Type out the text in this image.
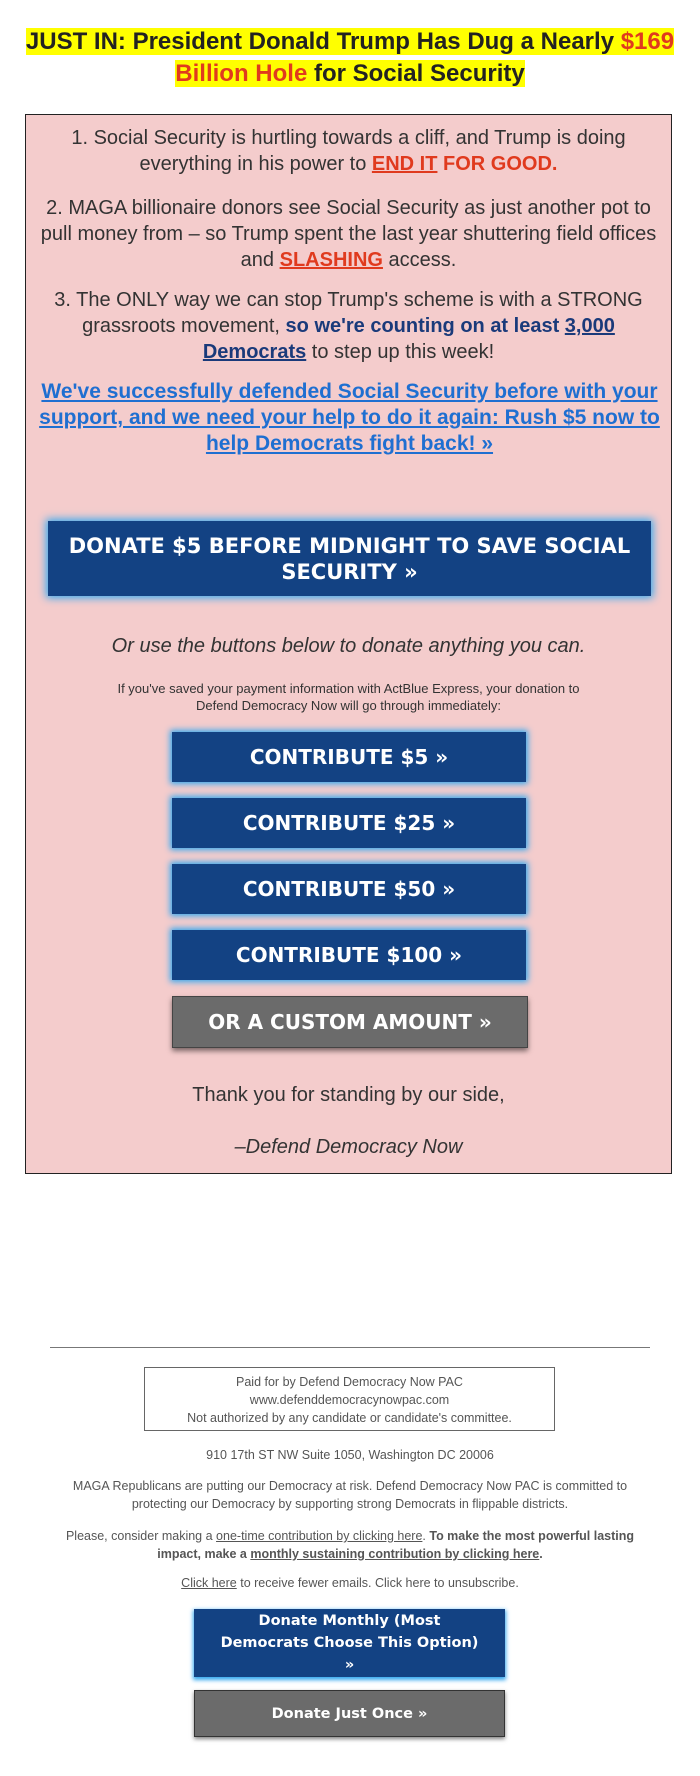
JUST IN: President Donald Trump Has Dug a Nearly $169 Billion Hole for Social Security
1. Social Security is hurtling towards a cliff, and Trump is doing everything in his power to END IT FOR GOOD.
2. MAGA billionaire donors see Social Security as just another pot to pull money from – so Trump spent the last year shuttering field offices and SLASHING access.
3. The ONLY way we can stop Trump's scheme is with a STRONG grassroots movement, so we're counting on at least 3,000 Democrats to step up this week!
We've successfully defended Social Security before with your support, and we need your help to do it again: Rush $5 now to help Democrats fight back! »
DONATE $5 BEFORE MIDNIGHT TO SAVE SOCIAL SECURITY »
Or use the buttons below to donate anything you can.
If you've saved your payment information with ActBlue Express, your donation to Defend Democracy Now will go through immediately:
CONTRIBUTE $5 »
CONTRIBUTE $25 »
CONTRIBUTE $50 »
CONTRIBUTE $100 »
OR A CUSTOM AMOUNT »
Thank you for standing by our side,
–Defend Democracy Now
Paid for by Defend Democracy Now PAC
www.defenddemocracynowpac.com
Not authorized by any candidate or candidate's committee.
910 17th ST NW Suite 1050, Washington DC 20006
MAGA Republicans are putting our Democracy at risk. Defend Democracy Now PAC is committed to protecting our Democracy by supporting strong Democrats in flippable districts.
Please, consider making a one-time contribution by clicking here. To make the most powerful lasting impact, make a monthly sustaining contribution by clicking here.
Click here to receive fewer emails. Click here to unsubscribe.
Donate Monthly (Most Democrats Choose This Option) »
Donate Just Once »
